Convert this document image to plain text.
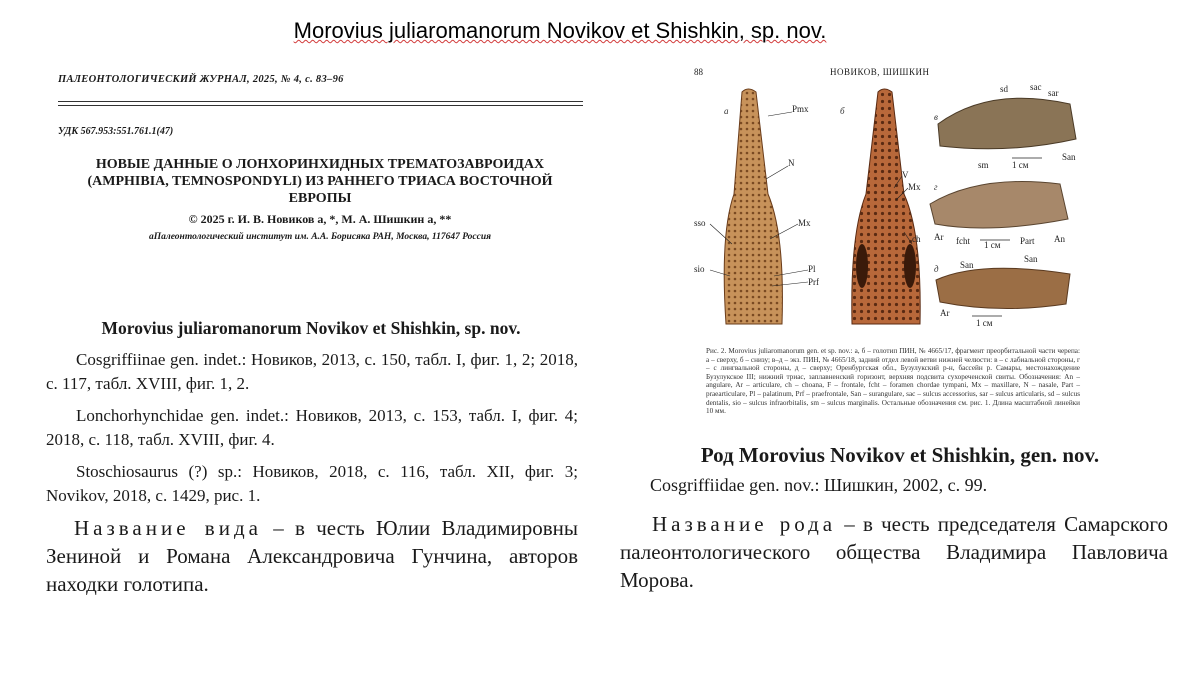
Morovius juliaromanorum Novikov et Shishkin, sp. nov.
ПАЛЕОНТОЛОГИЧЕСКИЙ ЖУРНАЛ, 2025, № 4, с. 83–96
УДК 567.953:551.761.1(47)
НОВЫЕ ДАННЫЕ О ЛОНХОРИНХИДНЫХ ТРЕМАТОЗАВРОИДАХ (AMPHIBIA, TEMNOSPONDYLI) ИЗ РАННЕГО ТРИАСА ВОСТОЧНОЙ ЕВРОПЫ
© 2025 г. И. В. Новиков a, *, М. А. Шишкин a, **
aПалеонтологический институт им. А.А. Борисяка РАН, Москва, 117647 Россия
Morovius juliaromanorum Novikov et Shishkin, sp. nov.
Cosgriffiinae gen. indet.: Новиков, 2013, с. 150, табл. I, фиг. 1, 2; 2018, с. 117, табл. XVIII, фиг. 1, 2.
Lonchorhynchidae gen. indet.: Новиков, 2013, с. 153, табл. I, фиг. 4; 2018, с. 118, табл. XVIII, фиг. 4.
Stoschiosaurus (?) sp.: Новиков, 2018, с. 116, табл. XII, фиг. 3; Novikov, 2018, с. 1429, рис. 1.
Название вида – в честь Юлии Владимировны Зениной и Романа Александровича Гунчина, авторов находки голотипа.
88	НОВИКОВ, ШИШКИН
а	б
в
г
д
Pmx
N
Mx
Pl
Prf
sso
sio
V
Mx
ch
sd sac
sar
sm
San
1 см
Ar fcht	Part An
1 см
San
San
Ar
1 см
Рис. 2. Morovius juliaromanorum gen. et sp. nov.: а, б – голотип ПИН, № 4665/17, фрагмент преорбитальной части черепа: а – сверху, б – снизу; в–д – экз. ПИН, № 4665/18, задний отдел левой ветви нижней челюсти: в – с лабиальной стороны, г – с лингвальной стороны, д – сверху; Оренбургская обл., Бузулукский р-н, бассейн р. Самары, местонахождение Бузулукское III; нижний триас, заплавненский горизонт, верхняя подсвита сухореченской свиты. Обозначения: An – angulare, Ar – articulare, ch – choana, F – frontale, fcht – foramen chordae tympani, Mx – maxillare, N – nasale, Part – praearticulare, Pl – palatinum, Prf – praefrontale, San – surangulare, sac – sulcus accessorius, sar – sulcus articularis, sd – sulcus dentalis, sio – sulcus infraorbitalis, sm – sulcus marginalis. Остальные обозначения см. рис. 1. Длина масштабной линейки 10 мм.
Род Morovius Novikov et Shishkin, gen. nov.
Cosgriffiidae gen. nov.: Шишкин, 2002, с. 99.
Название рода – в честь председателя Самарского палеонтологического общества Владимира Павловича Морова.
